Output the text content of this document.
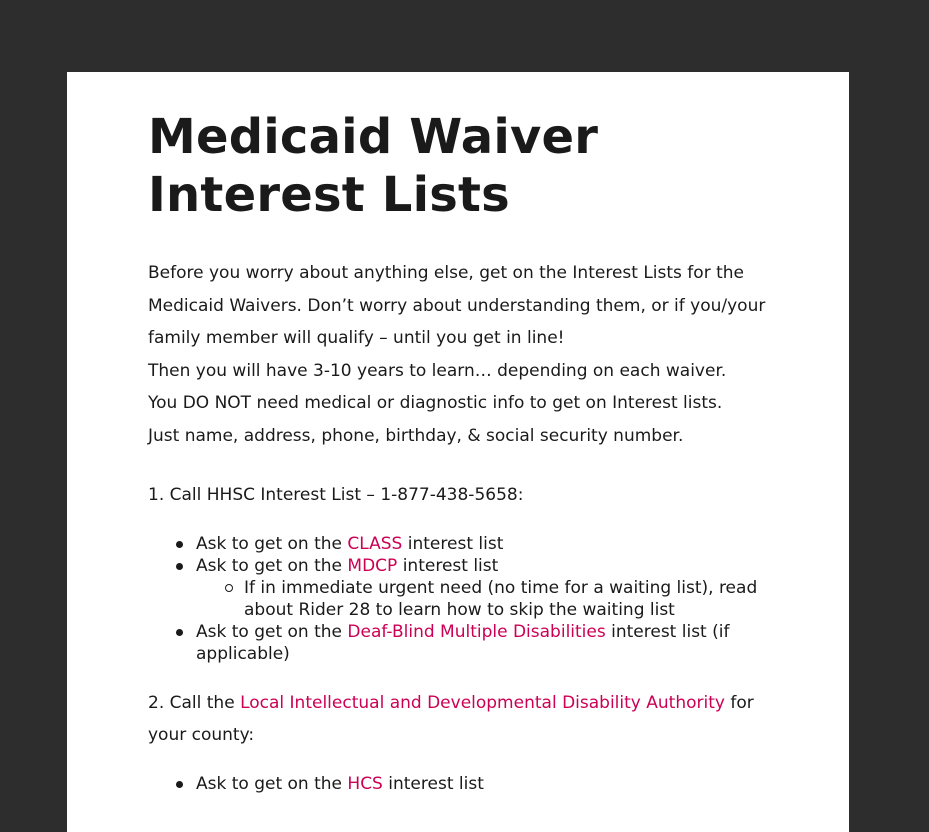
Medicaid Waiver
Interest Lists

Before you worry about anything else, get on the Interest Lists for the Medicaid Waivers. Don’t worry about understanding them, or if you/your family member will qualify – until you get in line!
Then you will have 3-10 years to learn… depending on each waiver.
You DO NOT need medical or diagnostic info to get on Interest lists.
Just name, address, phone, birthday, & social security number.

1. Call HHSC Interest List – 1-877-438-5658:

Ask to get on the CLASS interest list
Ask to get on the MDCP interest list
If in immediate urgent need (no time for a waiting list), read about Rider 28 to learn how to skip the waiting list
Ask to get on the Deaf-Blind Multiple Disabilities interest list (if applicable)

2. Call the Local Intellectual and Developmental Disability Authority for your county:

Ask to get on the HCS interest list
